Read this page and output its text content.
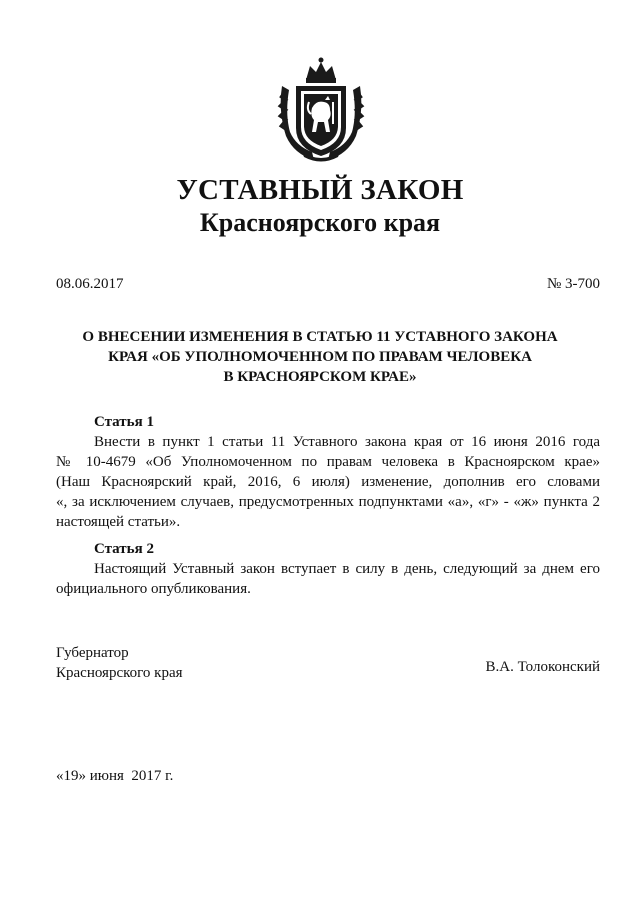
УСТАВНЫЙ ЗАКОН
Красноярского края
08.06.2017	№ 3-700
О ВНЕСЕНИИ ИЗМЕНЕНИЯ В СТАТЬЮ 11 УСТАВНОГО ЗАКОНА
КРАЯ «ОБ УПОЛНОМОЧЕННОМ ПО ПРАВАМ ЧЕЛОВЕКА
В КРАСНОЯРСКОМ КРАЕ»
Статья 1
Внести в пункт 1 статьи 11 Уставного закона края от 16 июня 2016 года
№ 10-4679 «Об Уполномоченном по правам человека в Красноярском крае»
(Наш Красноярский край, 2016, 6 июля) изменение, дополнив его словами
«, за исключением случаев, предусмотренных подпунктами «а», «г» - «ж» пункта 2
настоящей статьи».
Статья 2
Настоящий Уставный закон вступает в силу в день, следующий за днем его
официального опубликования.
Губернатор
Красноярского края	В.А. Толоконский
«19» июня  2017 г.
